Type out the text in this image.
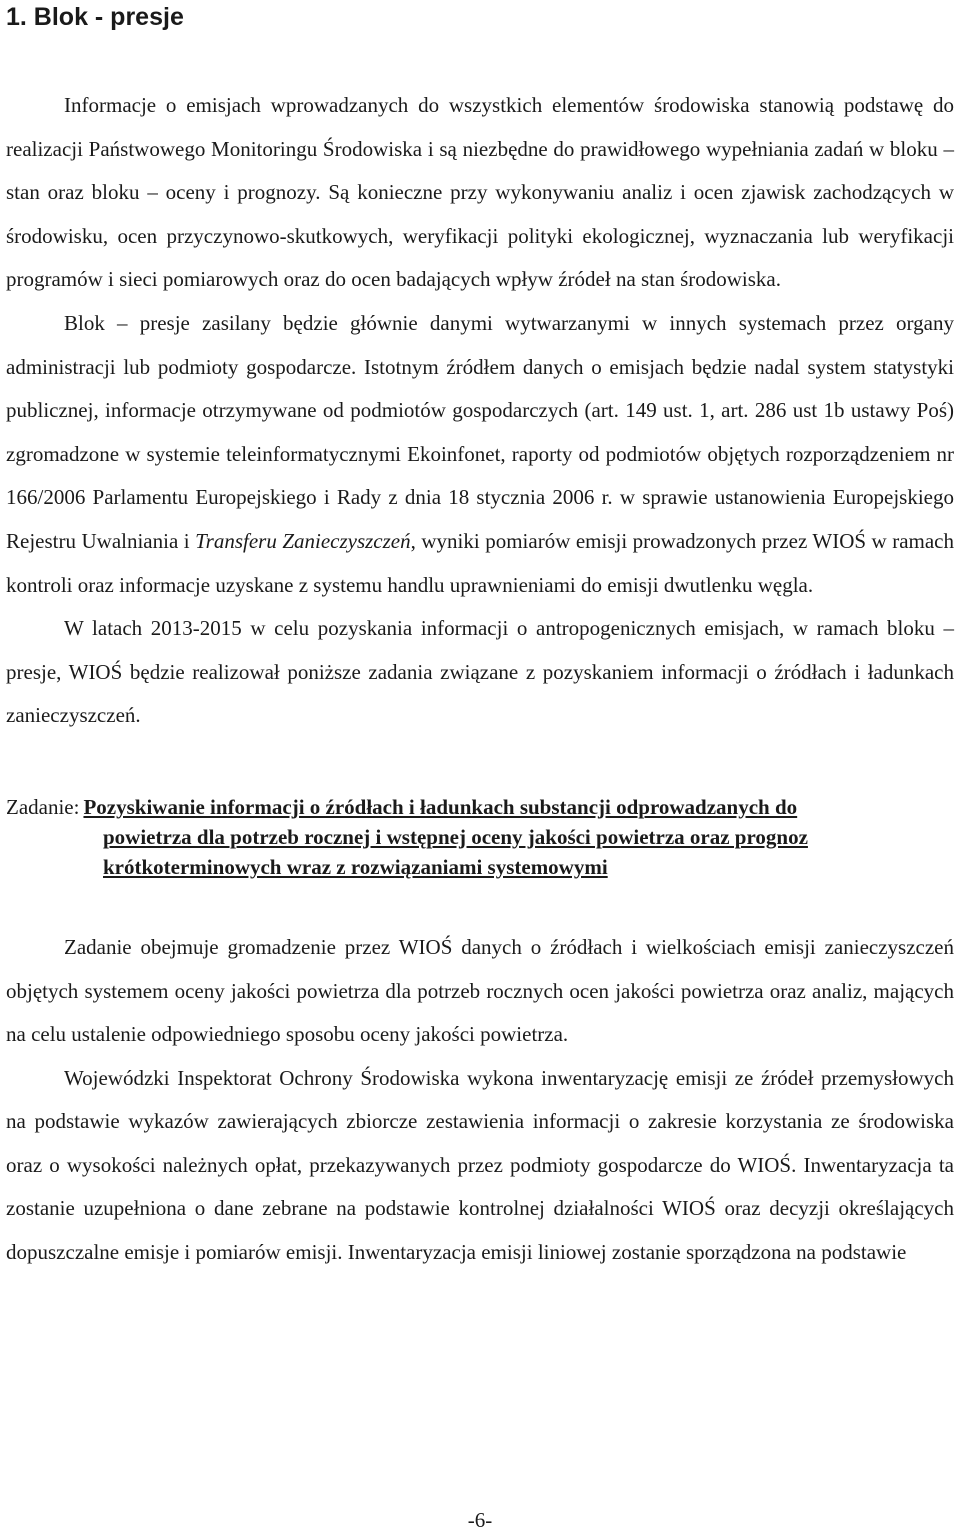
1. Blok - presje

Informacje o emisjach wprowadzanych do wszystkich elementów środowiska stanowią podstawę do realizacji Państwowego Monitoringu Środowiska i są niezbędne do prawidłowego wypełniania zadań w bloku – stan oraz bloku – oceny i prognozy. Są konieczne przy wykonywaniu analiz i ocen zjawisk zachodzących w środowisku, ocen przyczynowo-skutkowych, weryfikacji polityki ekologicznej, wyznaczania lub weryfikacji programów i sieci pomiarowych oraz do ocen badających wpływ źródeł na stan środowiska.

Blok – presje zasilany będzie głównie danymi wytwarzanymi w innych systemach przez organy administracji lub podmioty gospodarcze. Istotnym źródłem danych o emisjach będzie nadal system statystyki publicznej, informacje otrzymywane od podmiotów gospodarczych (art. 149 ust. 1, art. 286 ust 1b ustawy Poś) zgromadzone w systemie teleinformatycznymi Ekoinfonet, raporty od podmiotów objętych rozporządzeniem nr 166/2006 Parlamentu Europejskiego i Rady z dnia 18 stycznia 2006 r. w sprawie ustanowienia Europejskiego Rejestru Uwalniania i Transferu Zanieczyszczeń, wyniki pomiarów emisji prowadzonych przez WIOŚ w ramach kontroli oraz informacje uzyskane z systemu handlu uprawnieniami do emisji dwutlenku węgla.

W latach 2013-2015 w celu pozyskania informacji o antropogenicznych emisjach, w ramach bloku – presje, WIOŚ będzie realizował poniższe zadania związane z pozyskaniem informacji o źródłach i ładunkach zanieczyszczeń.

Zadanie: Pozyskiwanie informacji o źródłach i ładunkach substancji odprowadzanych do
powietrza dla potrzeb rocznej i wstępnej oceny jakości powietrza oraz prognoz
krótkoterminowych wraz z rozwiązaniami systemowymi

Zadanie obejmuje gromadzenie przez WIOŚ danych o źródłach i wielkościach emisji zanieczyszczeń objętych systemem oceny jakości powietrza dla potrzeb rocznych ocen jakości powietrza oraz analiz, mających na celu ustalenie odpowiedniego sposobu oceny jakości powietrza.

Wojewódzki Inspektorat Ochrony Środowiska wykona inwentaryzację emisji ze źródeł przemysłowych na podstawie wykazów zawierających zbiorcze zestawienia informacji o zakresie korzystania ze środowiska oraz o wysokości należnych opłat, przekazywanych przez podmioty gospodarcze do WIOŚ. Inwentaryzacja ta zostanie uzupełniona o dane zebrane na podstawie kontrolnej działalności WIOŚ oraz decyzji określających dopuszczalne emisje i pomiarów emisji. Inwentaryzacja emisji liniowej zostanie sporządzona na podstawie

-6-
